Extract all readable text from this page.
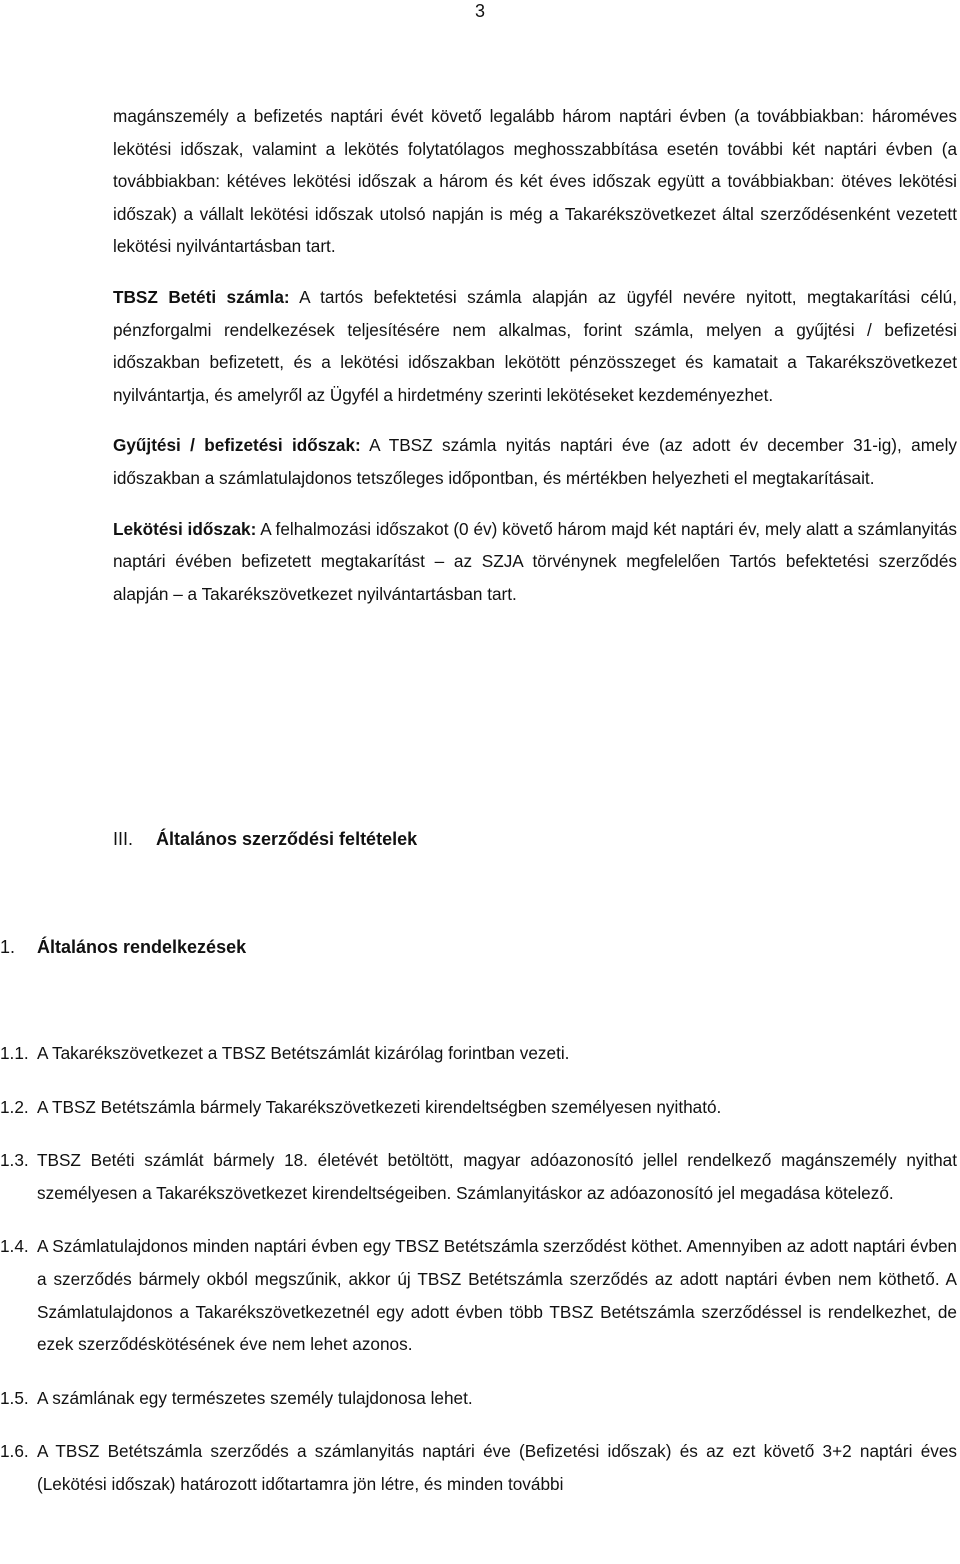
3

magánszemély a befizetés naptári évét követő legalább három naptári évben (a továbbiakban: hároméves lekötési időszak, valamint a lekötés folytatólagos meghosszabbítása esetén további két naptári évben (a továbbiakban: kétéves lekötési időszak a három és két éves időszak együtt a továbbiakban: ötéves lekötési időszak) a vállalt lekötési időszak utolsó napján is még a Takarékszövetkezet által szerződésenként vezetett lekötési nyilvántartásban tart.

TBSZ Betéti számla: A tartós befektetési számla alapján az ügyfél nevére nyitott, megtakarítási célú, pénzforgalmi rendelkezések teljesítésére nem alkalmas, forint számla, melyen a gyűjtési / befizetési időszakban befizetett, és a lekötési időszakban lekötött pénzösszeget és kamatait a Takarékszövetkezet nyilvántartja, és amelyről az Ügyfél a hirdetmény szerinti lekötéseket kezdeményezhet.

Gyűjtési / befizetési időszak: A TBSZ számla nyitás naptári éve (az adott év december 31-ig), amely időszakban a számlatulajdonos tetszőleges időpontban, és mértékben helyezheti el megtakarításait.

Lekötési időszak: A felhalmozási időszakot (0 év) követő három majd két naptári év, mely alatt a számlanyitás naptári évében befizetett megtakarítást – az SZJA törvénynek megfelelően Tartós befektetési szerződés alapján – a Takarékszövetkezet nyilvántartásban tart.

III. Általános szerződési feltételek
1. Általános rendelkezések
1.1. A Takarékszövetkezet a TBSZ Betétszámlát kizárólag forintban vezeti.
1.2. A TBSZ Betétszámla bármely Takarékszövetkezeti kirendeltségben személyesen nyitható.
1.3. TBSZ Betéti számlát bármely 18. életévét betöltött, magyar adóazonosító jellel rendelkező magánszemély nyithat személyesen a Takarékszövetkezet kirendeltségeiben. Számlanyitáskor az adóazonosító jel megadása kötelező.
1.4. A Számlatulajdonos minden naptári évben egy TBSZ Betétszámla szerződést köthet. Amennyiben az adott naptári évben a szerződés bármely okból megszűnik, akkor új TBSZ Betétszámla szerződés az adott naptári évben nem köthető. A Számlatulajdonos a Takarékszövetkezetnél egy adott évben több TBSZ Betétszámla szerződéssel is rendelkezhet, de ezek szerződéskötésének éve nem lehet azonos.
1.5. A számlának egy természetes személy tulajdonosa lehet.
1.6. A TBSZ Betétszámla szerződés a számlanyitás naptári éve (Befizetési időszak) és az ezt követő 3+2 naptári éves (Lekötési időszak) határozott időtartamra jön létre, és minden további
